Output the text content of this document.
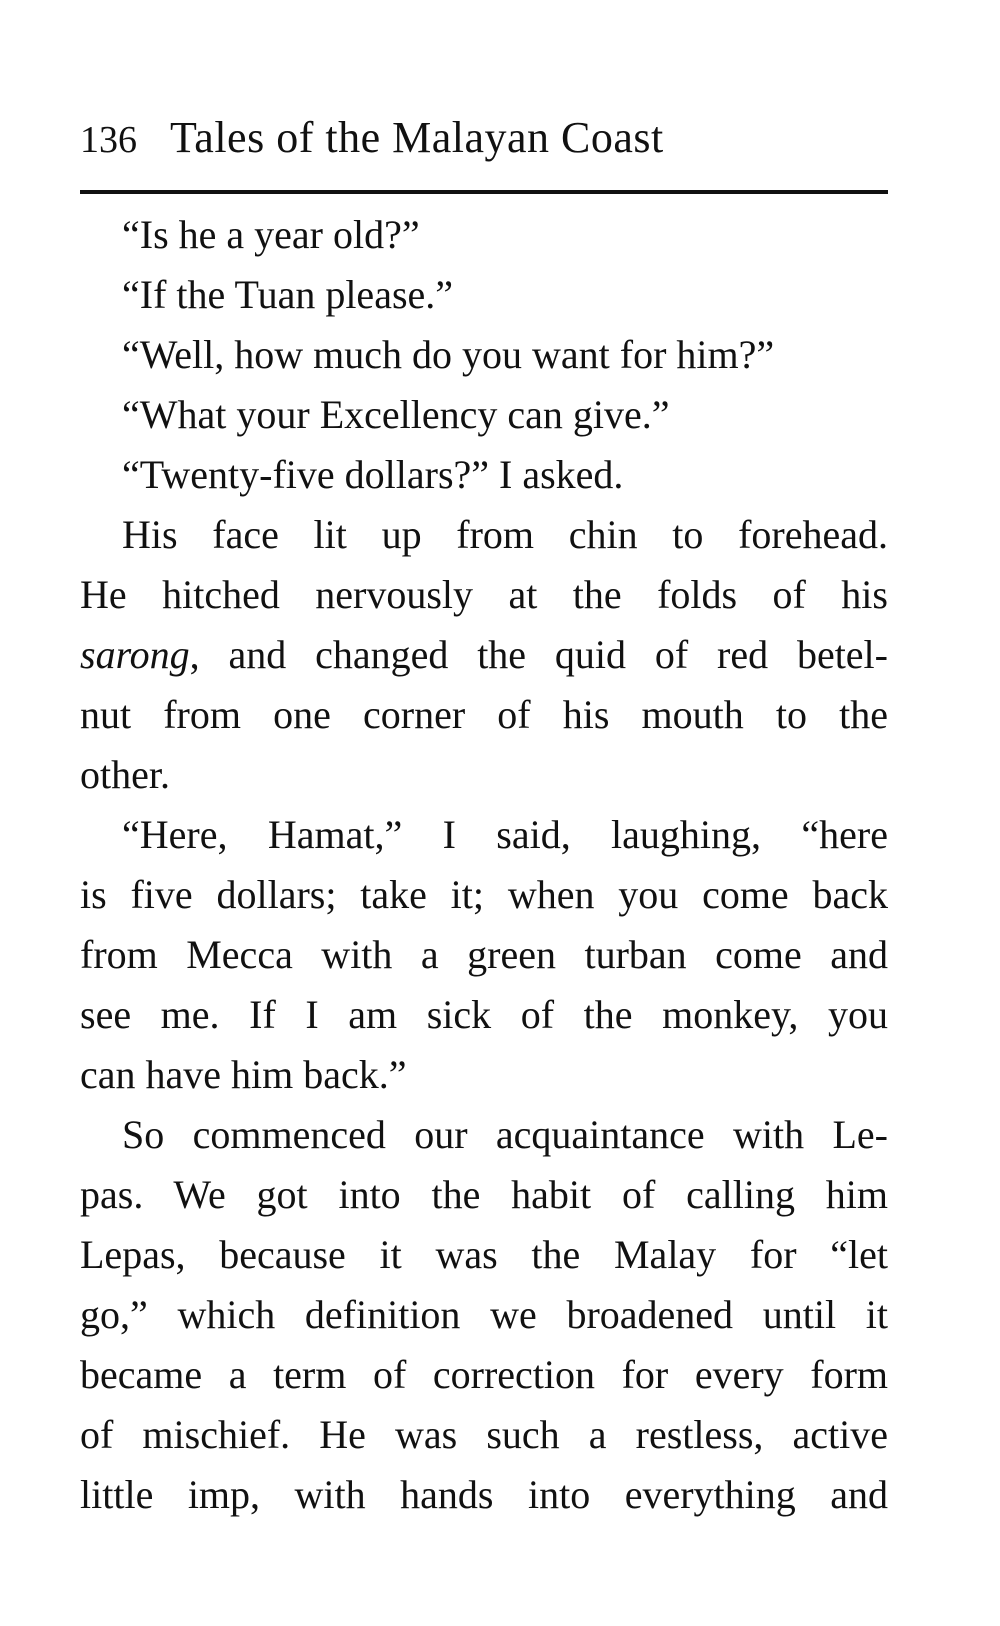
136 Tales of the Malayan Coast
“Is he a year old?”
“If the Tuan please.”
“Well, how much do you want for him?”
“What your Excellency can give.”
“Twenty-five dollars?” I asked.
His face lit up from chin to forehead.
He hitched nervously at the folds of his
sarong, and changed the quid of red betel-
nut from one corner of his mouth to the
other.
“Here, Hamat,” I said, laughing, “here
is five dollars; take it; when you come back
from Mecca with a green turban come and
see me. If I am sick of the monkey, you
can have him back.”
So commenced our acquaintance with Le-
pas. We got into the habit of calling him
Lepas, because it was the Malay for “let
go,” which definition we broadened until it
became a term of correction for every form
of mischief. He was such a restless, active
little imp, with hands into everything and
